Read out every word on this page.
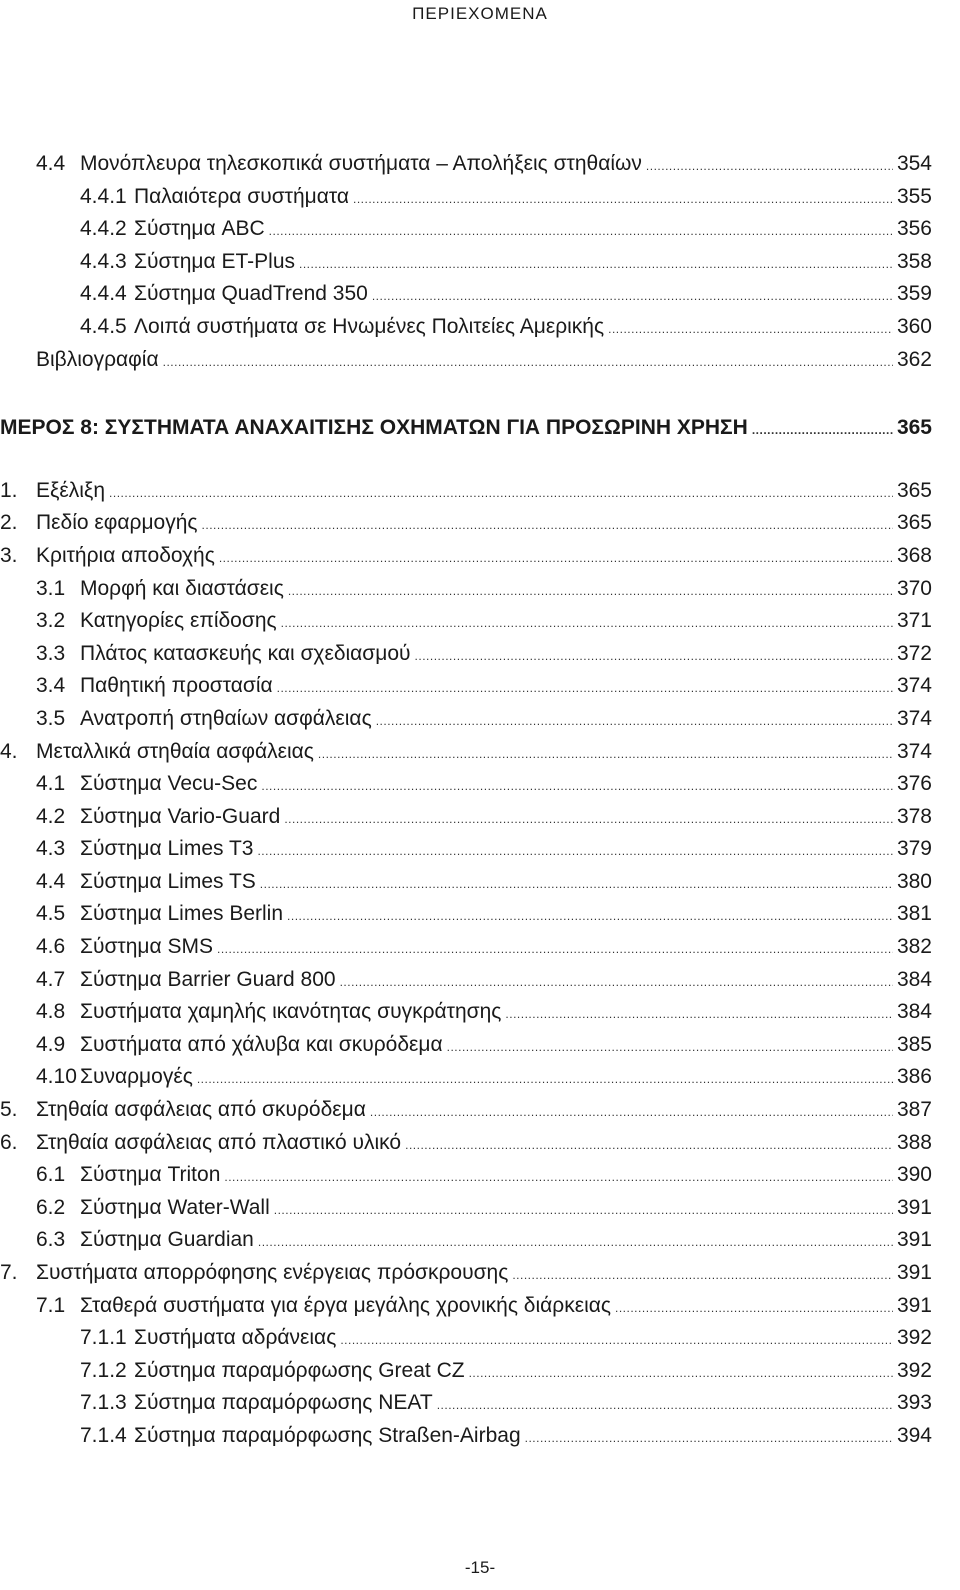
ΠΕΡΙΕΧΟΜΕΝΑ
4.4 Μονόπλευρα τηλεσκοπικά συστήματα – Απολήξεις στηθαίων .....	354
4.4.1 Παλαιότερα συστήματα .....	355
4.4.2 Σύστημα ABC .....	356
4.4.3 Σύστημα ET-Plus .....	358
4.4.4 Σύστημα QuadTrend 350 .....	359
4.4.5 Λοιπά συστήματα σε Ηνωμένες Πολιτείες Αμερικής .....	360
Βιβλιογραφία .....	362
ΜΕΡΟΣ 8: ΣΥΣΤΗΜΑΤΑ ΑΝΑΧΑΙΤΙΣΗΣ ΟΧΗΜΑΤΩΝ ΓΙΑ ΠΡΟΣΩΡΙΝΗ ΧΡΗΣΗ .....	365
1. Εξέλιξη .....	365
2. Πεδίο εφαρμογής .....	365
3. Κριτήρια αποδοχής .....	368
3.1 Μορφή και διαστάσεις .....	370
3.2 Κατηγορίες επίδοσης .....	371
3.3 Πλάτος κατασκευής και σχεδιασμού .....	372
3.4 Παθητική προστασία .....	374
3.5 Ανατροπή στηθαίων ασφάλειας .....	374
4. Μεταλλικά στηθαία ασφάλειας .....	374
4.1 Σύστημα Vecu-Sec .....	376
4.2 Σύστημα Vario-Guard .....	378
4.3 Σύστημα Limes T3 .....	379
4.4 Σύστημα Limes TS .....	380
4.5 Σύστημα Limes Berlin .....	381
4.6 Σύστημα SMS .....	382
4.7 Σύστημα Barrier Guard 800 .....	384
4.8 Συστήματα χαμηλής ικανότητας συγκράτησης .....	384
4.9 Συστήματα από χάλυβα και σκυρόδεμα .....	385
4.10 Συναρμογές .....	386
5. Στηθαία ασφάλειας από σκυρόδεμα .....	387
6. Στηθαία ασφάλειας από πλαστικό υλικό .....	388
6.1 Σύστημα Triton .....	390
6.2 Σύστημα Water-Wall .....	391
6.3 Σύστημα Guardian .....	391
7. Συστήματα απορρόφησης ενέργειας πρόσκρουσης .....	391
7.1 Σταθερά συστήματα για έργα μεγάλης χρονικής διάρκειας .....	391
7.1.1 Συστήματα αδράνειας .....	392
7.1.2 Σύστημα παραμόρφωσης Great CZ .....	392
7.1.3 Σύστημα παραμόρφωσης NEAT .....	393
7.1.4 Σύστημα παραμόρφωσης Straßen-Airbag .....	394
-15-
